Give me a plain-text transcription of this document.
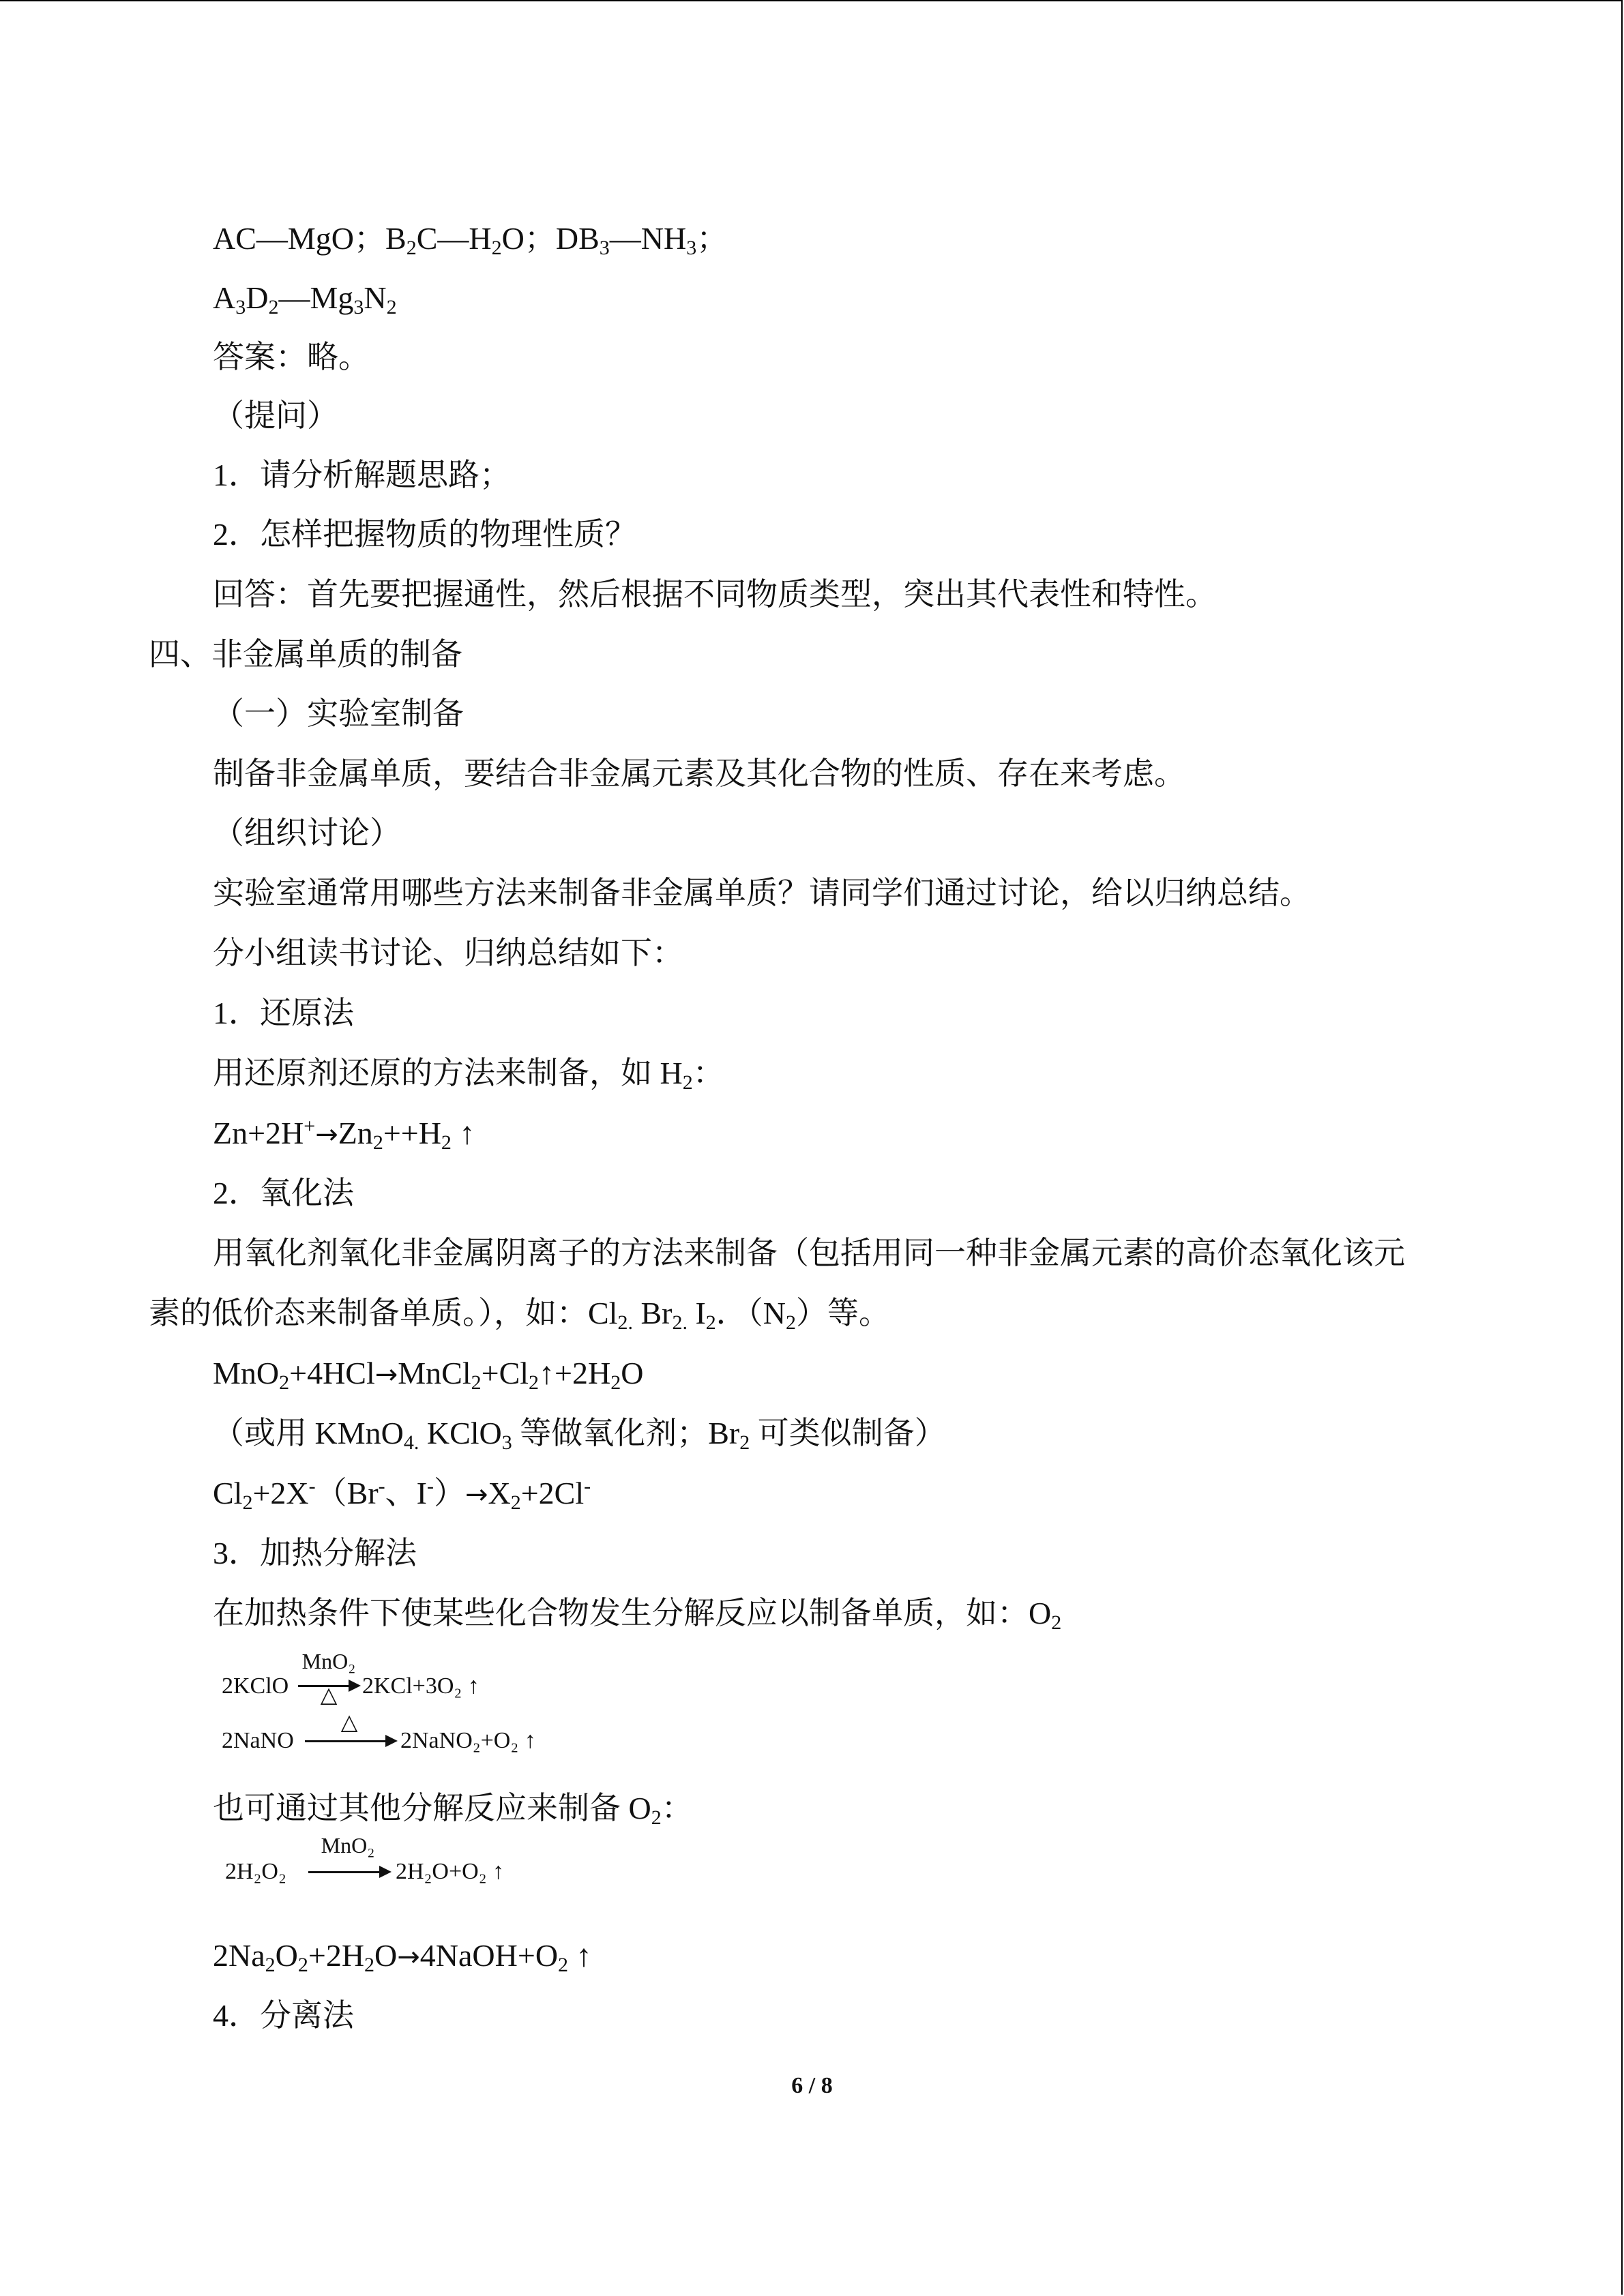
AC—MgO；$B_2C—H_2O$；$DB_3—NH_3$；
$A_3D_2—Mg_3N_2$
答案：略。
（提问）
1．请分析解题思路；
2．怎样把握物质的物理性质？
回答：首先要把握通性，然后根据不同物质类型，突出其代表性和特性。
四、非金属单质的制备
（一）实验室制备
制备非金属单质，要结合非金属元素及其化合物的性质、存在来考虑。
（组织讨论）
实验室通常用哪些方法来制备非金属单质？请同学们通过讨论，给以归纳总结。
分小组读书讨论、归纳总结如下：
1．还原法
用还原剂还原的方法来制备，如 $H_2$：
$Zn+2H^+\to Zn_2++H_2$ ↑
2．氧化法
用氧化剂氧化非金属阴离子的方法来制备（包括用同一种非金属元素的高价态氧化该元
素的低价态来制备单质。），如：$Cl_{2.}$ $Br_{2.}$ $I_2$．$(N_2)$等。
$MnO_2+4HCl\to MnCl_2+Cl_2↑+2H_2O$
（或用 KMnO$_{4.}$ KClO$_3$ 等做氧化剂；$Br_2$ 可类似制备）
$Cl_2+2X^-(Br^-$、$I^-)\to X_2+2Cl^-$
3．加热分解法
在加热条件下使某些化合物发生分解反应以制备单质，如：$O_2$
2KClO
MnO₂
△	2KCl+3O₂ ↑
2NaNO
△
2NaNO₂+O₂ ↑
也可通过其他分解反应来制备 $O_2$：
2H₂O₂
MnO₂
2H₂O+O₂ ↑
$2Na_2O_2+2H_2O\to 4NaOH+O_2$ ↑
4．分离法
6 / 8
